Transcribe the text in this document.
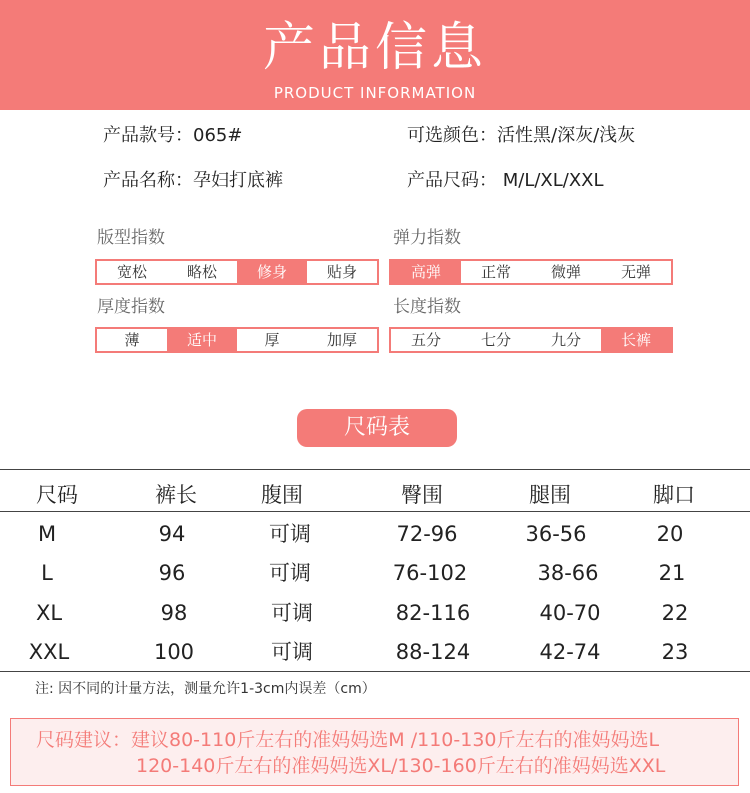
产品信息
PRODUCT INFORMATION
产品款号：065#	可选颜色：活性黑/深灰/浅灰
产品名称：孕妇打底裤	产品尺码： M/L/XL/XXL
版型指数
宽松	略松	修身	贴身
弹力指数
高弹	正常	微弹	无弹
厚度指数
薄	适中	厚	加厚
长度指数
五分	七分	九分	长裤
尺码表
尺码	裤长	腹围	臀围	腿围	脚口
M	94	可调	72-96	36-56	20
L	96	可调	76-102	38-66	21
XL	98	可调	82-116	40-70	22
XXL	100	可调	88-124	42-74	23
注: 因不同的计量方法，测量允许1-3cm内误差（cm）
尺码建议：建议80-110斤左右的准妈妈选M /110-130斤左右的准妈妈选L
120-140斤左右的准妈妈选XL/130-160斤左右的准妈妈选XXL
